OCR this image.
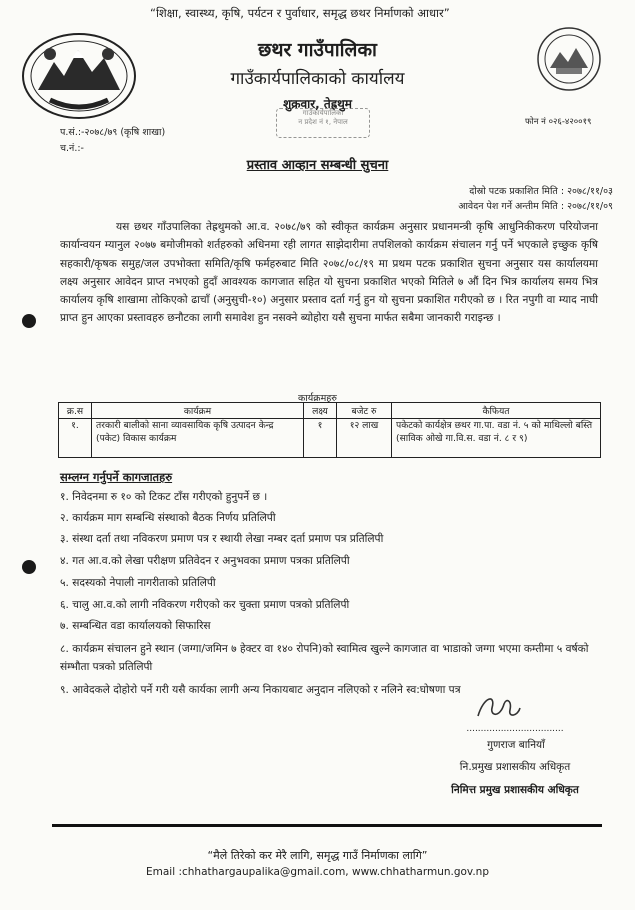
“शिक्षा, स्वास्थ्य, कृषि, पर्यटन र पुर्वाधार, समृद्ध छथर निर्माणको आधार”
छथर गाउँपालिका
गाउँकार्यपालिकाको कार्यालय
शुक्रवार, तेह्रथुम
गाउँकार्यपालिका
न प्रदेश नं १, नेपाल	फोन नं ०२६-४२००१९
प.सं.:-२०७८/७९ (कृषि शाखा)
च.नं.:-
प्रस्ताव आव्हान सम्बन्धी सुचना
दोस्रो पटक प्रकाशित मिति : २०७८/११/०३
आवेदन पेश गर्ने अन्तीम मिति : २०७८/११/०९
यस छथर गाँउपालिका तेह्रथुमको आ.व. २०७८/७९ को स्वीकृत कार्यक्रम अनुसार प्रधानमन्त्री कृषि आधुनिकीकरण परियोजना कार्यान्वयन म्यानुल २०७७ बमोजीमको शर्तहरुको अधिनमा रही लागत साझेदारीमा तपशिलको कार्यक्रम संचालन गर्नु पर्ने भएकाले इच्छुक कृषि सहकारी/कृषक समुह/जल उपभोक्ता समिति/कृषि फर्महरुबाट मिति २०७८/०८/१९ मा प्रथम पटक प्रकाशित सुचना अनुसार यस कार्यालयमा लक्ष्य अनुसार आवेदन प्राप्त नभएको हुदाँ आवश्यक कागजात सहित यो सुचना प्रकाशित भएको मितिले ७ औं दिन भित्र कार्यालय समय भित्र कार्यालय कृषि शाखामा तोकिएको ढाचाँ (अनुसुची-१०) अनुसार प्रस्ताव दर्ता गर्नु हुन यो सुचना प्रकाशित गरीएको छ । रित नपुगी वा म्याद नाघी प्राप्त हुन आएका प्रस्तावहरु छनौटका लागी समावेश हुन नसक्ने ब्योहोरा यसै सुचना मार्फत सबैमा जानकारी गराइन्छ ।
कार्यक्रमहरु
क्र.स	कार्यक्रम	लक्ष्य	बजेट रु	कैफियत
१.	तरकारी बालीको साना व्यावसायिक कृषि उत्पादन केन्द्र (पकेट) विकास कार्यक्रम	१	१२ लाख	पकेटको कार्यक्षेत्र छथर गा.पा. वडा नं. ५ को माथिल्लो बस्ति (साविक ओखे गा.वि.स. वडा नं. ८ र ९)
सम्लग्न गर्नुपर्ने कागजातहरु
१. निवेदनमा रु १० को टिकट टाँस गरीएको हुनुपर्ने छ ।
२. कार्यक्रम माग सम्बन्धि संस्थाको बैठक निर्णय प्रतिलिपी
३. संस्था दर्ता तथा नविकरण प्रमाण पत्र र स्थायी लेखा नम्बर दर्ता प्रमाण पत्र प्रतिलिपी
४. गत आ.व.को लेखा परीक्षण प्रतिवेदन र अनुभवका प्रमाण पत्रका प्रतिलिपी
५. सदस्यको नेपाली नागरीताको प्रतिलिपी
६. चालु आ.व.को लागी नविकरण गरीएको कर चुक्ता प्रमाण पत्रको प्रतिलिपी
७. सम्बन्धित वडा कार्यालयको सिफारिस
८. कार्यक्रम संचालन हुने स्थान (जग्गा/जमिन ७ हेक्टर वा १४० रोपनि)को स्वामित्व खुल्ने कागजात वा भाडाको जग्गा भएमा कम्तीमा ५ वर्षको संम्भौता पत्रको प्रतिलिपी
९. आवेदकले दोहोरो पर्ने गरी यसै कार्यका लागी अन्य निकायबाट अनुदान नलिएको र नलिने स्व:घोषणा पत्र
..................................
गुणराज बानियाँ
नि.प्रमुख प्रशासकीय अधिकृत
निमित्त प्रमुख प्रशासकीय अधिकृत
“मैले तिरेको कर मेरै लागि, समृद्ध गाउँ निर्माणका लागि”
Email :chhathargaupalika@gmail.com, www.chhatharmun.gov.np
